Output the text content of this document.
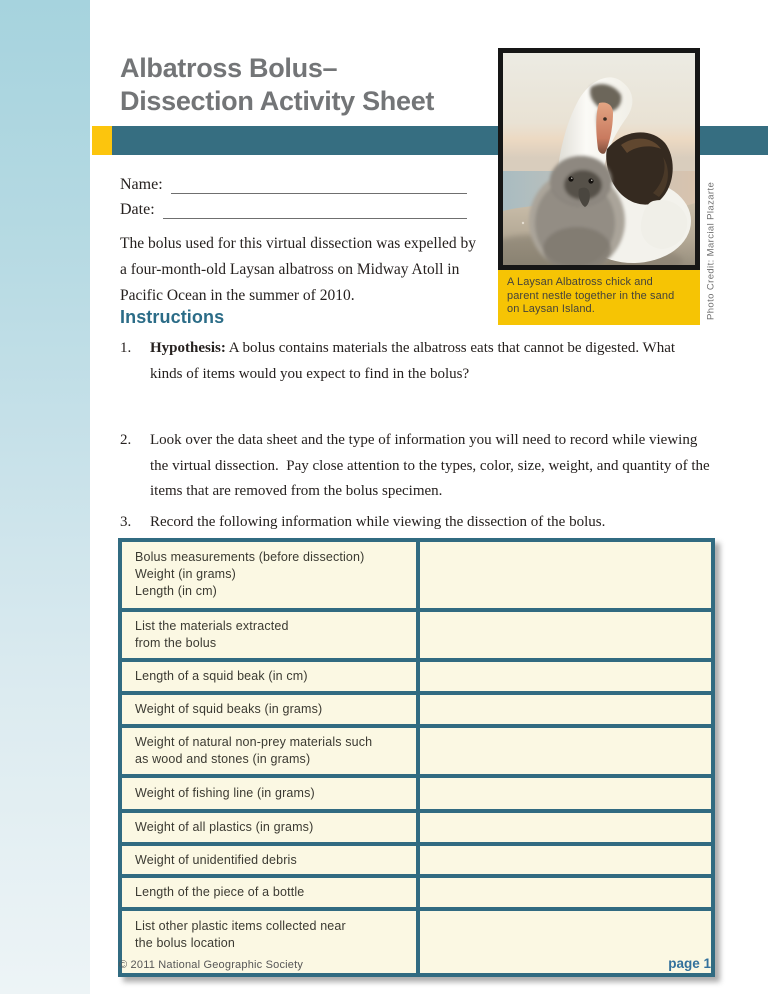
Albatross Bolus–
Dissection Activity Sheet
A Laysan Albatross chick and
parent nestle together in the sand
on Laysan Island.	Photo Credit: Marcial Plazarte
Name:
Date:
The bolus used for this virtual dissection was expelled by
a four-month-old Laysan albatross on Midway Atoll in
Pacific Ocean in the summer of 2010.
Instructions
1.	Hypothesis: A bolus contains materials the albatross eats that cannot be digested. What
kinds of items would you expect to find in the bolus?
2.	Look over the data sheet and the type of information you will need to record while viewing
the virtual dissection.  Pay close attention to the types, color, size, weight, and quantity of the
items that are removed from the bolus specimen.
3.	Record the following information while viewing the dissection of the bolus.
Bolus measurements (before dissection)
Weight (in grams)
Length (in cm)	

List the materials extracted
from the bolus	

Length of a squid beak (in cm)	

Weight of squid beaks (in grams)	

Weight of natural non-prey materials such
as wood and stones (in grams)	

Weight of fishing line (in grams)	

Weight of all plastics (in grams)	

Weight of unidentified debris	

Length of the piece of a bottle	

List other plastic items collected near
the bolus location	

© 2011 National Geographic Society	page 1
